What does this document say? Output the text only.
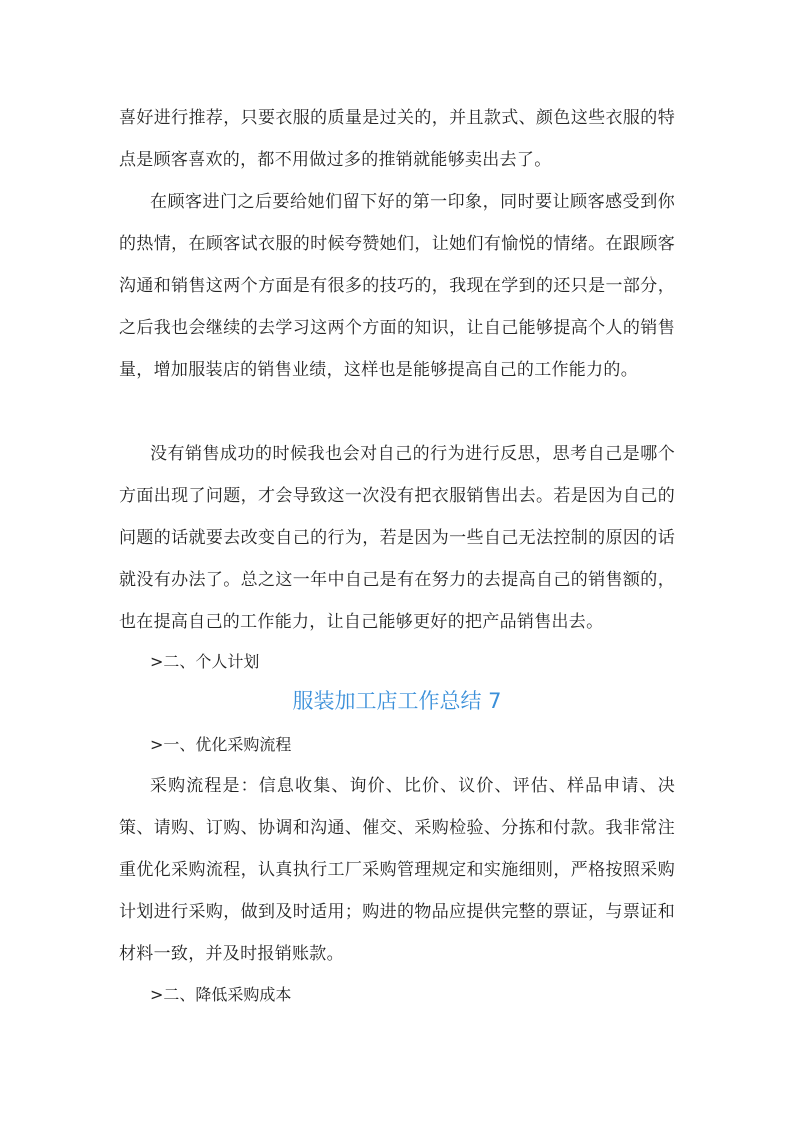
喜好进行推荐，只要衣服的质量是过关的，并且款式、颜色这些衣服的特点是顾客喜欢的，都不用做过多的推销就能够卖出去了。

在顾客进门之后要给她们留下好的第一印象，同时要让顾客感受到你的热情，在顾客试衣服的时候夸赞她们，让她们有愉悦的情绪。在跟顾客沟通和销售这两个方面是有很多的技巧的，我现在学到的还只是一部分，之后我也会继续的去学习这两个方面的知识，让自己能够提高个人的销售量，增加服装店的销售业绩，这样也是能够提高自己的工作能力的。

没有销售成功的时候我也会对自己的行为进行反思，思考自己是哪个方面出现了问题，才会导致这一次没有把衣服销售出去。若是因为自己的问题的话就要去改变自己的行为，若是因为一些自己无法控制的原因的话就没有办法了。总之这一年中自己是有在努力的去提高自己的销售额的，也在提高自己的工作能力，让自己能够更好的把产品销售出去。

>二、个人计划

服装加工店工作总结 7

>一、优化采购流程

采购流程是：信息收集、询价、比价、议价、评估、样品申请、决策、请购、订购、协调和沟通、催交、采购检验、分拣和付款。我非常注重优化采购流程，认真执行工厂采购管理规定和实施细则，严格按照采购计划进行采购，做到及时适用；购进的物品应提供完整的票证，与票证和材料一致，并及时报销账款。

>二、降低采购成本
